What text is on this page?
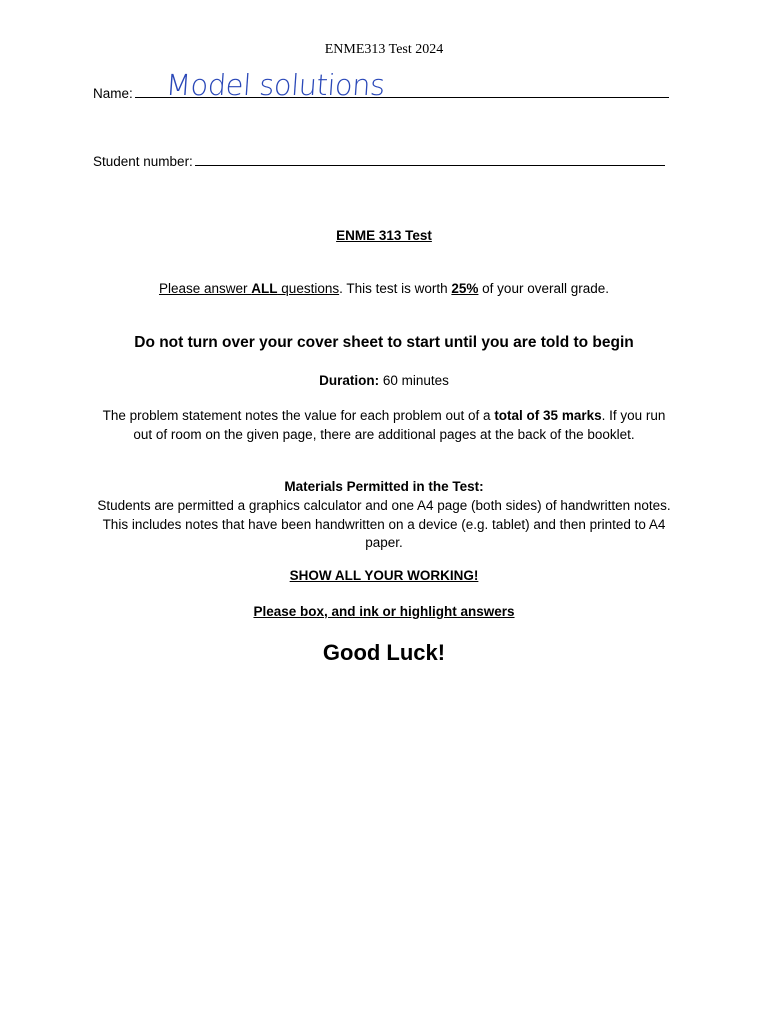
ENME313 Test 2024
Name: Model solutions
Student number:
ENME 313 Test
Please answer ALL questions. This test is worth 25% of your overall grade.
Do not turn over your cover sheet to start until you are told to begin
Duration: 60 minutes
The problem statement notes the value for each problem out of a total of 35 marks. If you run out of room on the given page, there are additional pages at the back of the booklet.
Materials Permitted in the Test:
Students are permitted a graphics calculator and one A4 page (both sides) of handwritten notes. This includes notes that have been handwritten on a device (e.g. tablet) and then printed to A4 paper.
SHOW ALL YOUR WORKING!
Please box, and ink or highlight answers
Good Luck!
